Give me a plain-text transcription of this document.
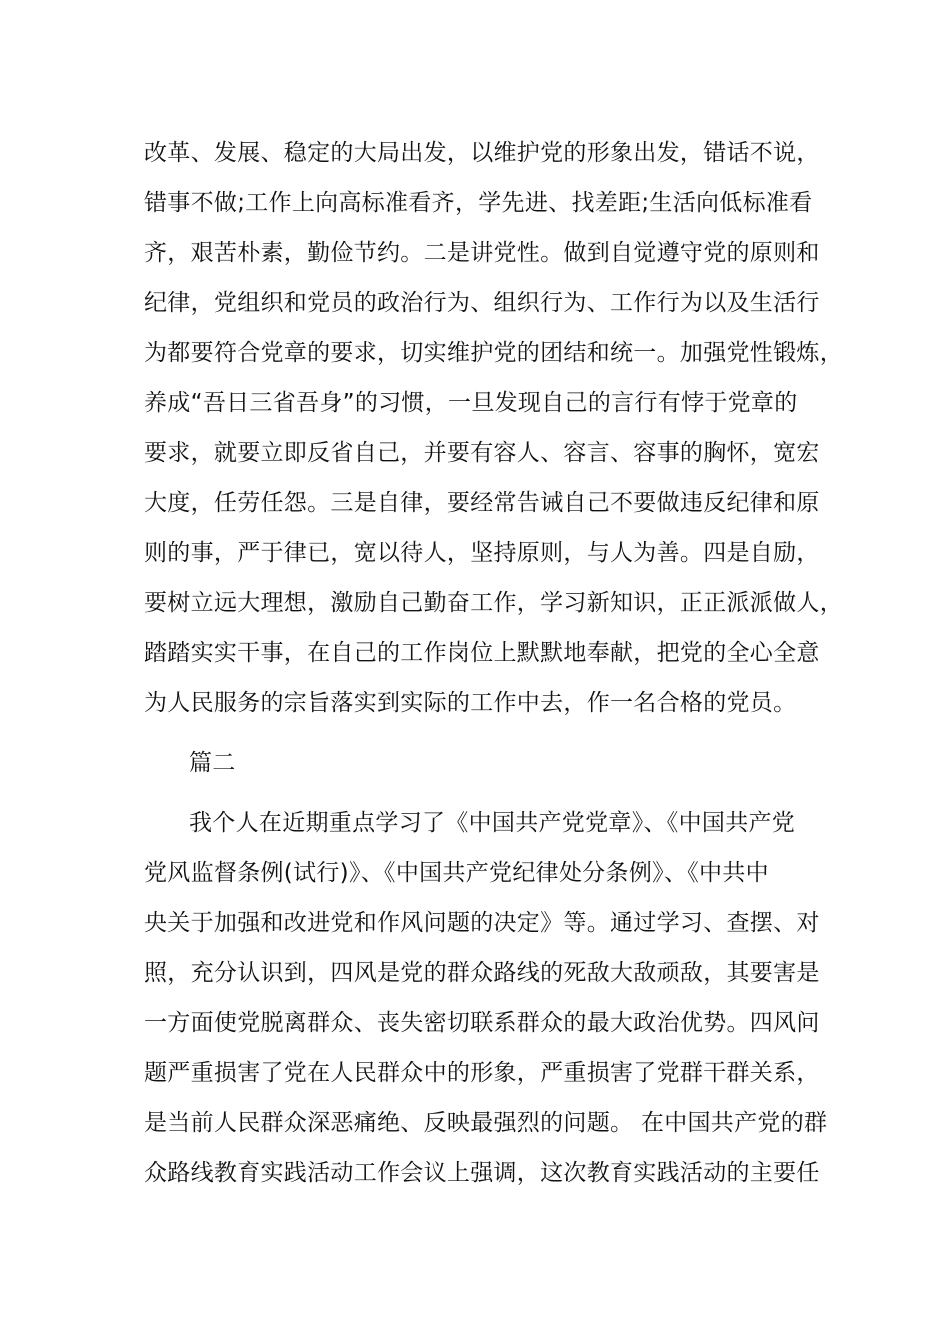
改革、发展、稳定的大局出发，以维护党的形象出发，错话不说，
错事不做;工作上向高标准看齐，学先进、找差距;生活向低标准看
齐，艰苦朴素，勤俭节约。二是讲党性。做到自觉遵守党的原则和
纪律，党组织和党员的政治行为、组织行为、工作行为以及生活行
为都要符合党章的要求，切实维护党的团结和统一。加强党性锻炼，
养成“吾日三省吾身”的习惯，一旦发现自己的言行有悖于党章的
要求，就要立即反省自己，并要有容人、容言、容事的胸怀，宽宏
大度，任劳任怨。三是自律，要经常告诫自己不要做违反纪律和原
则的事，严于律已，宽以待人，坚持原则，与人为善。四是自励，
要树立远大理想，激励自己勤奋工作，学习新知识，正正派派做人，
踏踏实实干事，在自己的工作岗位上默默地奉献，把党的全心全意
为人民服务的宗旨落实到实际的工作中去，作一名合格的党员。
篇二
我个人在近期重点学习了《中国共产党党章》、《中国共产党
党风监督条例(试行)》、《中国共产党纪律处分条例》、《中共中
央关于加强和改进党和作风问题的决定》等。通过学习、查摆、对
照，充分认识到，四风是党的群众路线的死敌大敌顽敌，其要害是
一方面使党脱离群众、丧失密切联系群众的最大政治优势。四风问
题严重损害了党在人民群众中的形象，严重损害了党群干群关系，
是当前人民群众深恶痛绝、反映最强烈的问题。 在中国共产党的群
众路线教育实践活动工作会议上强调，这次教育实践活动的主要任
